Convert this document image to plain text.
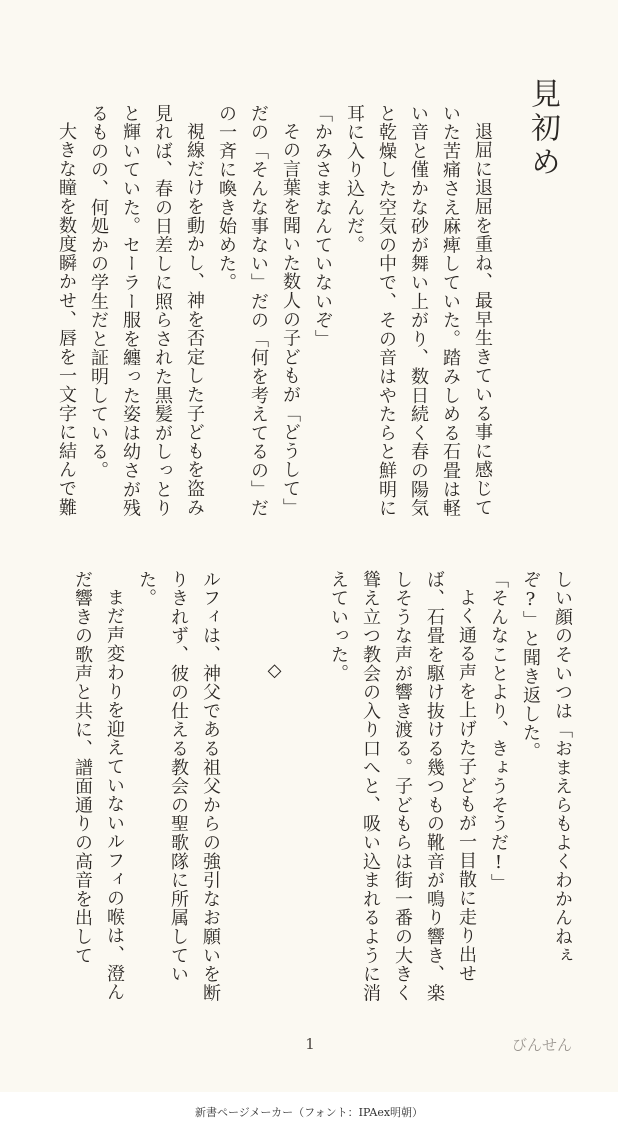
見初め

退屈に退屈を重ね、最早生きている事に感じていた苦痛さえ麻痺していた。踏みしめる石畳は軽い音と僅かな砂が舞い上がり、数日続く春の陽気と乾燥した空気の中で、その音はやたらと鮮明に耳に入り込んだ。

「かみさまなんていないぞ」

その言葉を聞いた数人の子どもが「どうして」だの「そんな事ない」だの「何を考えてるの」だの一斉に喚き始めた。

視線だけを動かし、神を否定した子どもを盗み見れば、春の日差しに照らされた黒髪がしっとりと輝いていた。セーラー服を纏った姿は幼さが残るものの、何処かの学生だと証明している。

大きな瞳を数度瞬かせ、唇を一文字に結んで難

しい顔のそいつは「おまえらもよくわかんねぇぞ?」と聞き返した。

「そんなことより、きょうそうだ!」

よく通る声を上げた子どもが一目散に走り出せば、石畳を駆け抜ける幾つもの靴音が鳴り響き、楽しそうな声が響き渡る。子どもらは街一番の大きく聳え立つ教会の入り口へと、吸い込まれるように消えていった。

◇

ルフィは、神父である祖父からの強引なお願いを断りきれず、彼の仕える教会の聖歌隊に所属していた。

まだ声変わりを迎えていないルフィの喉は、澄んだ響きの歌声と共に、譜面通りの高音を出して

1	びんせん
新書ページメーカー（フォント：IPAex明朝）
